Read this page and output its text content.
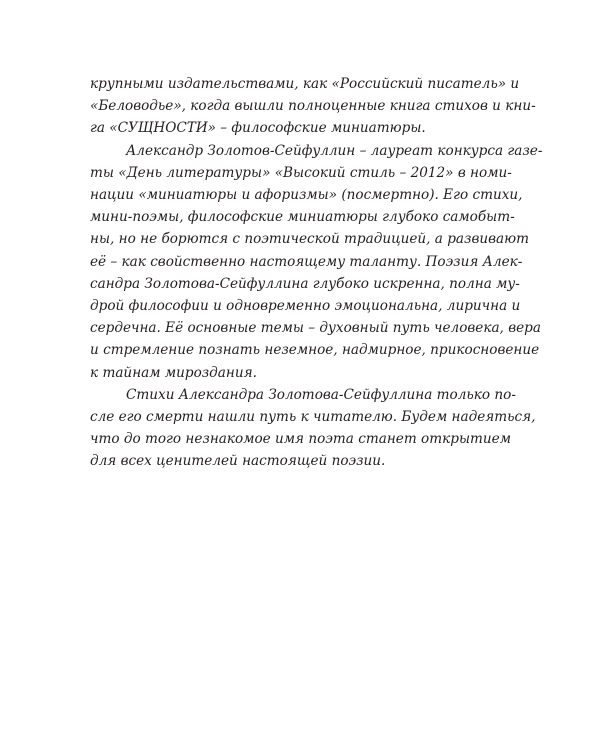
крупными издательствами, как «Российский писатель» и
«Беловодье», когда вышли полноценные книга стихов и кни-
га «СУЩНОСТИ» – философские миниатюры.
Александр Золотов-Сейфуллин – лауреат конкурса газе-
ты «День литературы» «Высокий стиль – 2012» в номи-
нации «миниатюры и афоризмы» (посмертно). Его стихи,
мини-поэмы, философские миниатюры глубоко самобыт-
ны, но не борются с поэтической традицией, а развивают
её – как свойственно настоящему таланту. Поэзия Алек-
сандра Золотова-Сейфуллина глубоко искренна, полна му-
дрой философии и одновременно эмоциональна, лирична и
сердечна. Её основные темы – духовный путь человека, вера
и стремление познать неземное, надмирное, прикосновение
к тайнам мироздания.
Стихи Александра Золотова-Сейфуллина только по-
сле его смерти нашли путь к читателю. Будем надеяться,
что до того незнакомое имя поэта станет открытием
для всех ценителей настоящей поэзии.
